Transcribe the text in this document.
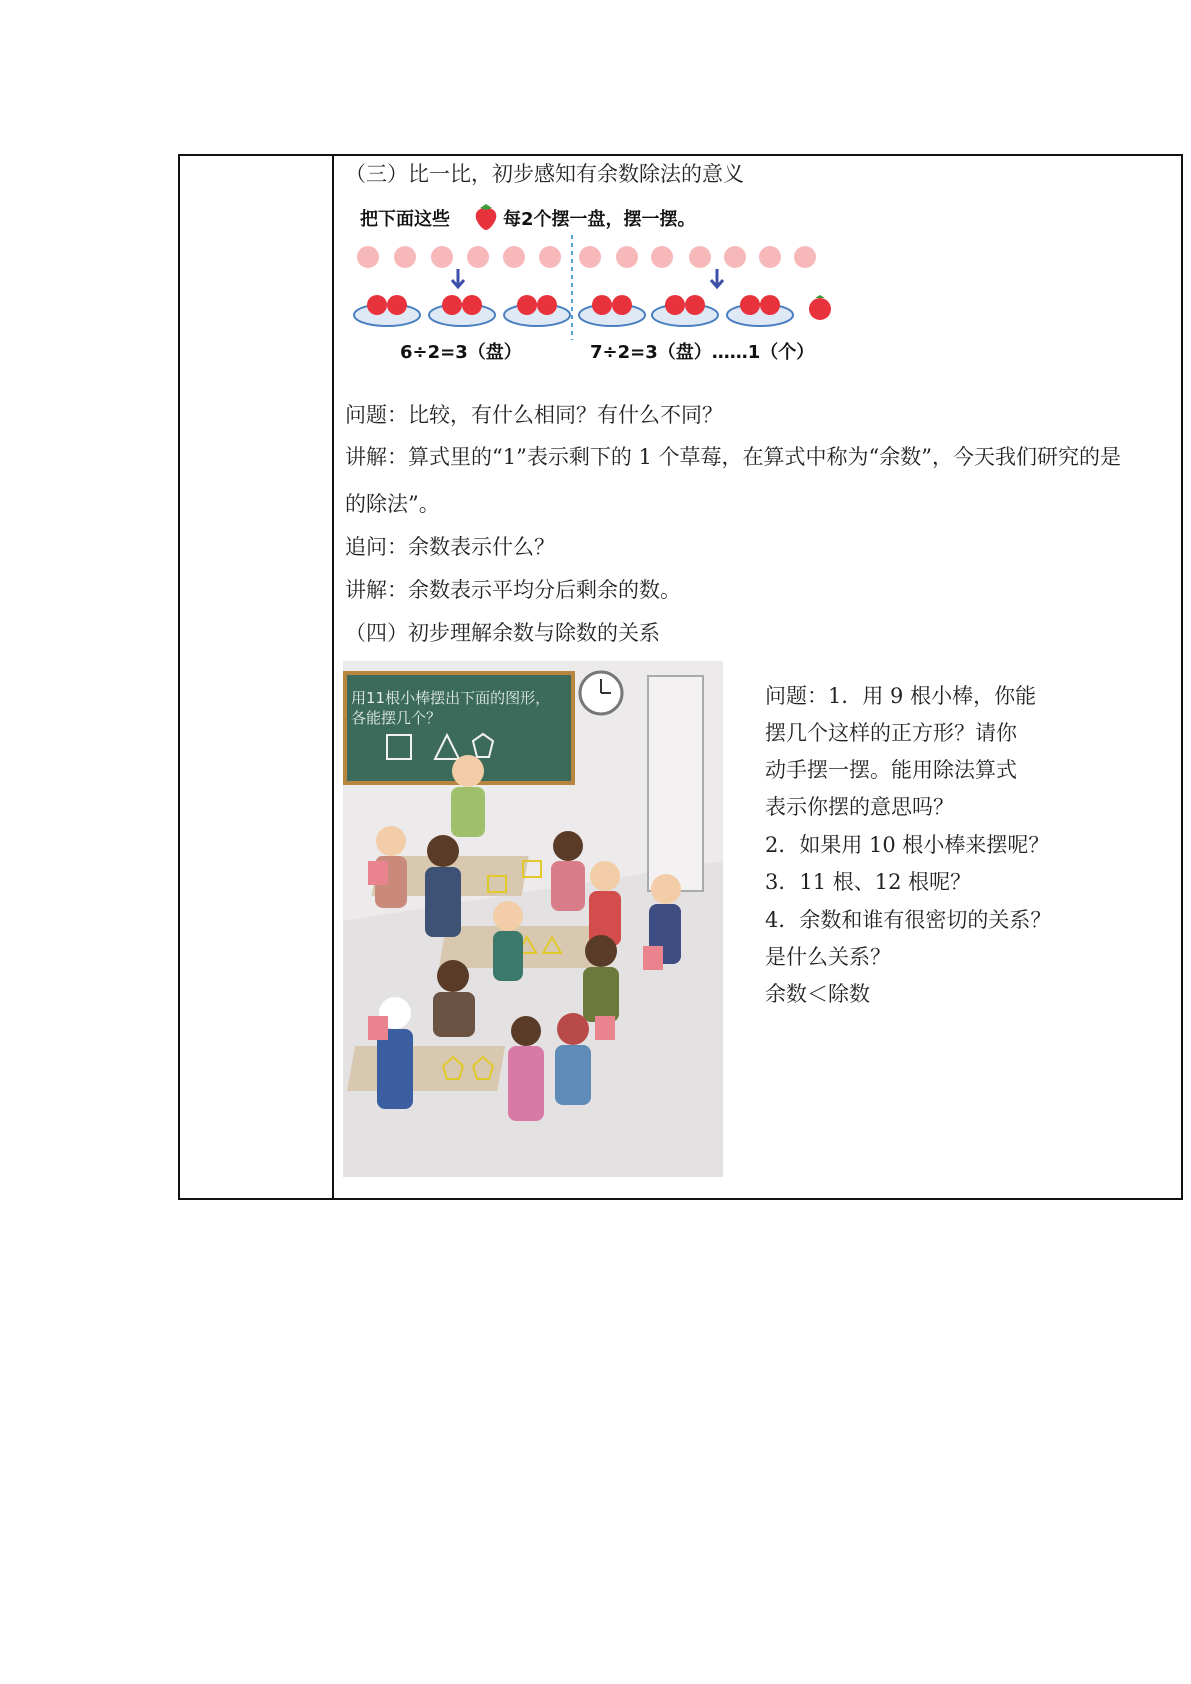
（三）比一比，初步感知有余数除法的意义
把下面这些	每2个摆一盘，摆一摆。
6÷2=3（盘）	7÷2=3（盘）……1（个）
问题：比较，有什么相同？有什么不同？
讲解：算式里的“1”表示剩下的 1 个草莓，在算式中称为“余数”，今天我们研究的是
的除法”。
追问：余数表示什么？
讲解：余数表示平均分后剩余的数。
（四）初步理解余数与除数的关系
用11根小棒摆出下面的图形，
各能摆几个？
问题：1．用 9 根小棒，你能
摆几个这样的正方形？请你
动手摆一摆。能用除法算式
表示你摆的意思吗？
2．如果用 10 根小棒来摆呢？
3．11 根、12 根呢？
4．余数和谁有很密切的关系？
是什么关系？
余数＜除数
